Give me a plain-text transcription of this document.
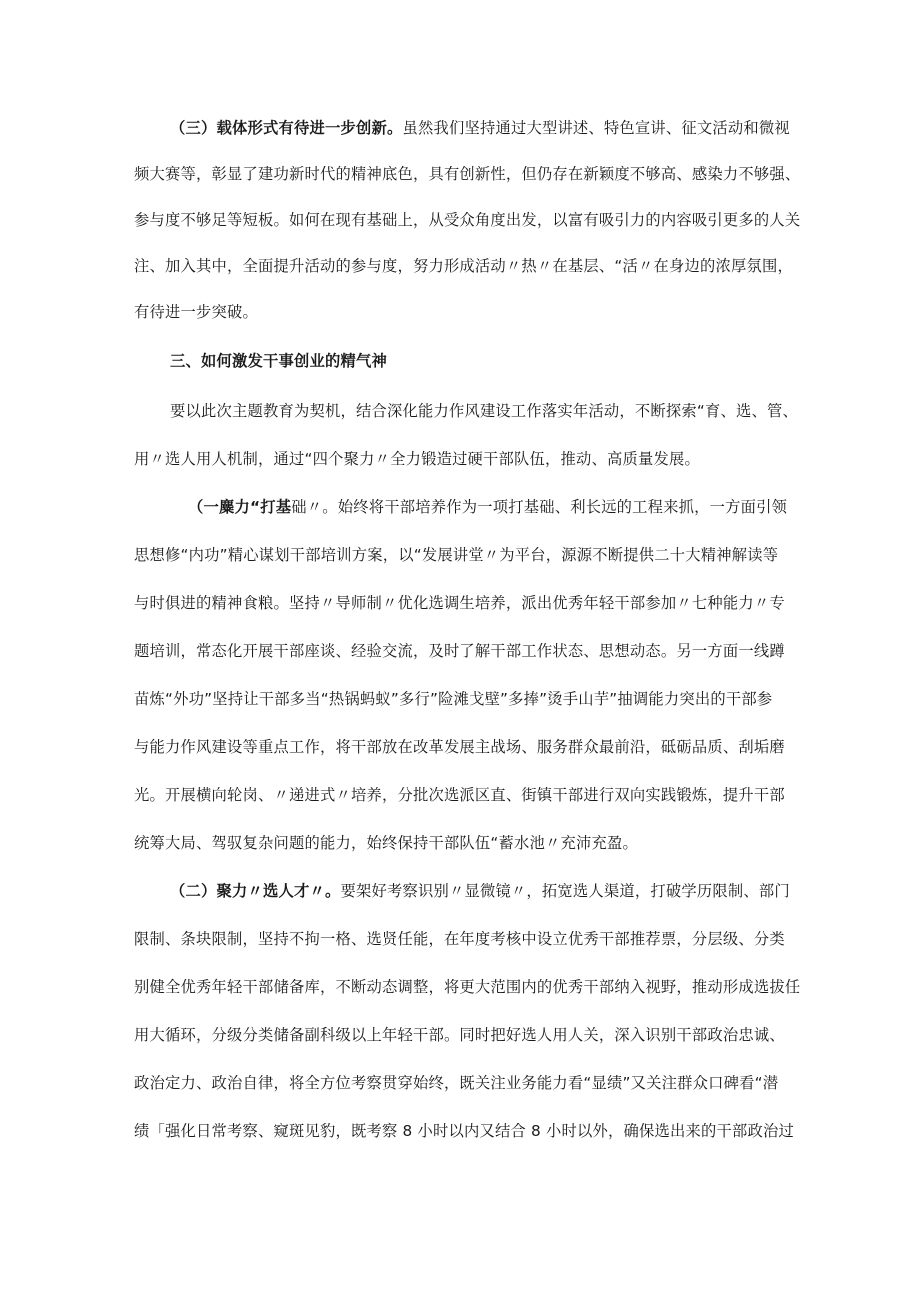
（三）载体形式有待进一步创新。虽然我们坚持通过大型讲述、特色宣讲、征文活动和微视
频大赛等，彰显了建功新时代的精神底色，具有创新性，但仍存在新颖度不够高、感染力不够强、
参与度不够足等短板。如何在现有基础上，从受众角度出发，以富有吸引力的内容吸引更多的人关
注、加入其中，全面提升活动的参与度，努力形成活动〃热〃在基层、“活〃在身边的浓厚氛围，
有待进一步突破。
三、如何激发干事创业的精气神
要以此次主题教育为契机，结合深化能力作风建设工作落实年活动，不断探索“育、选、管、
用〃选人用人机制，通过“四个聚力〃全力锻造过硬干部队伍，推动、高质量发展。
（一麋力“打基础〃。始终将干部培养作为一项打基础、利长远的工程来抓，一方面引领
思想修“内功”精心谋划干部培训方案，以“发展讲堂〃为平台，源源不断提供二十大精神解读等
与时俱进的精神食粮。坚持〃导师制〃优化选调生培养，派出优秀年轻干部参加〃七种能力〃专
题培训，常态化开展干部座谈、经验交流，及时了解干部工作状态、思想动态。另一方面一线蹲
苗炼“外功”坚持让干部多当“热锅蚂蚁”多行”险滩戈壁”多捧”烫手山芋”抽调能力突出的干部参
与能力作风建设等重点工作，将干部放在改革发展主战场、服务群众最前沿，砥砺品质、刮垢磨
光。开展横向轮岗、〃递进式〃培养，分批次选派区直、街镇干部进行双向实践锻炼，提升干部
统筹大局、驾驭复杂问题的能力，始终保持干部队伍“蓄水池〃充沛充盈。
（二）聚力〃选人才〃。要架好考察识别〃显微镜〃，拓宽选人渠道，打破学历限制、部门
限制、条块限制，坚持不拘一格、选贤任能，在年度考核中设立优秀干部推荐票，分层级、分类
别健全优秀年轻干部储备库，不断动态调整，将更大范围内的优秀干部纳入视野，推动形成选拔任
用大循环，分级分类储备副科级以上年轻干部。同时把好选人用人关，深入识别干部政治忠诚、
政治定力、政治自律，将全方位考察贯穿始终，既关注业务能力看“显绩”又关注群众口碑看“潜
绩「强化日常考察、窥斑见豹，既考察 8 小时以内又结合 8 小时以外，确保选出来的干部政治过
